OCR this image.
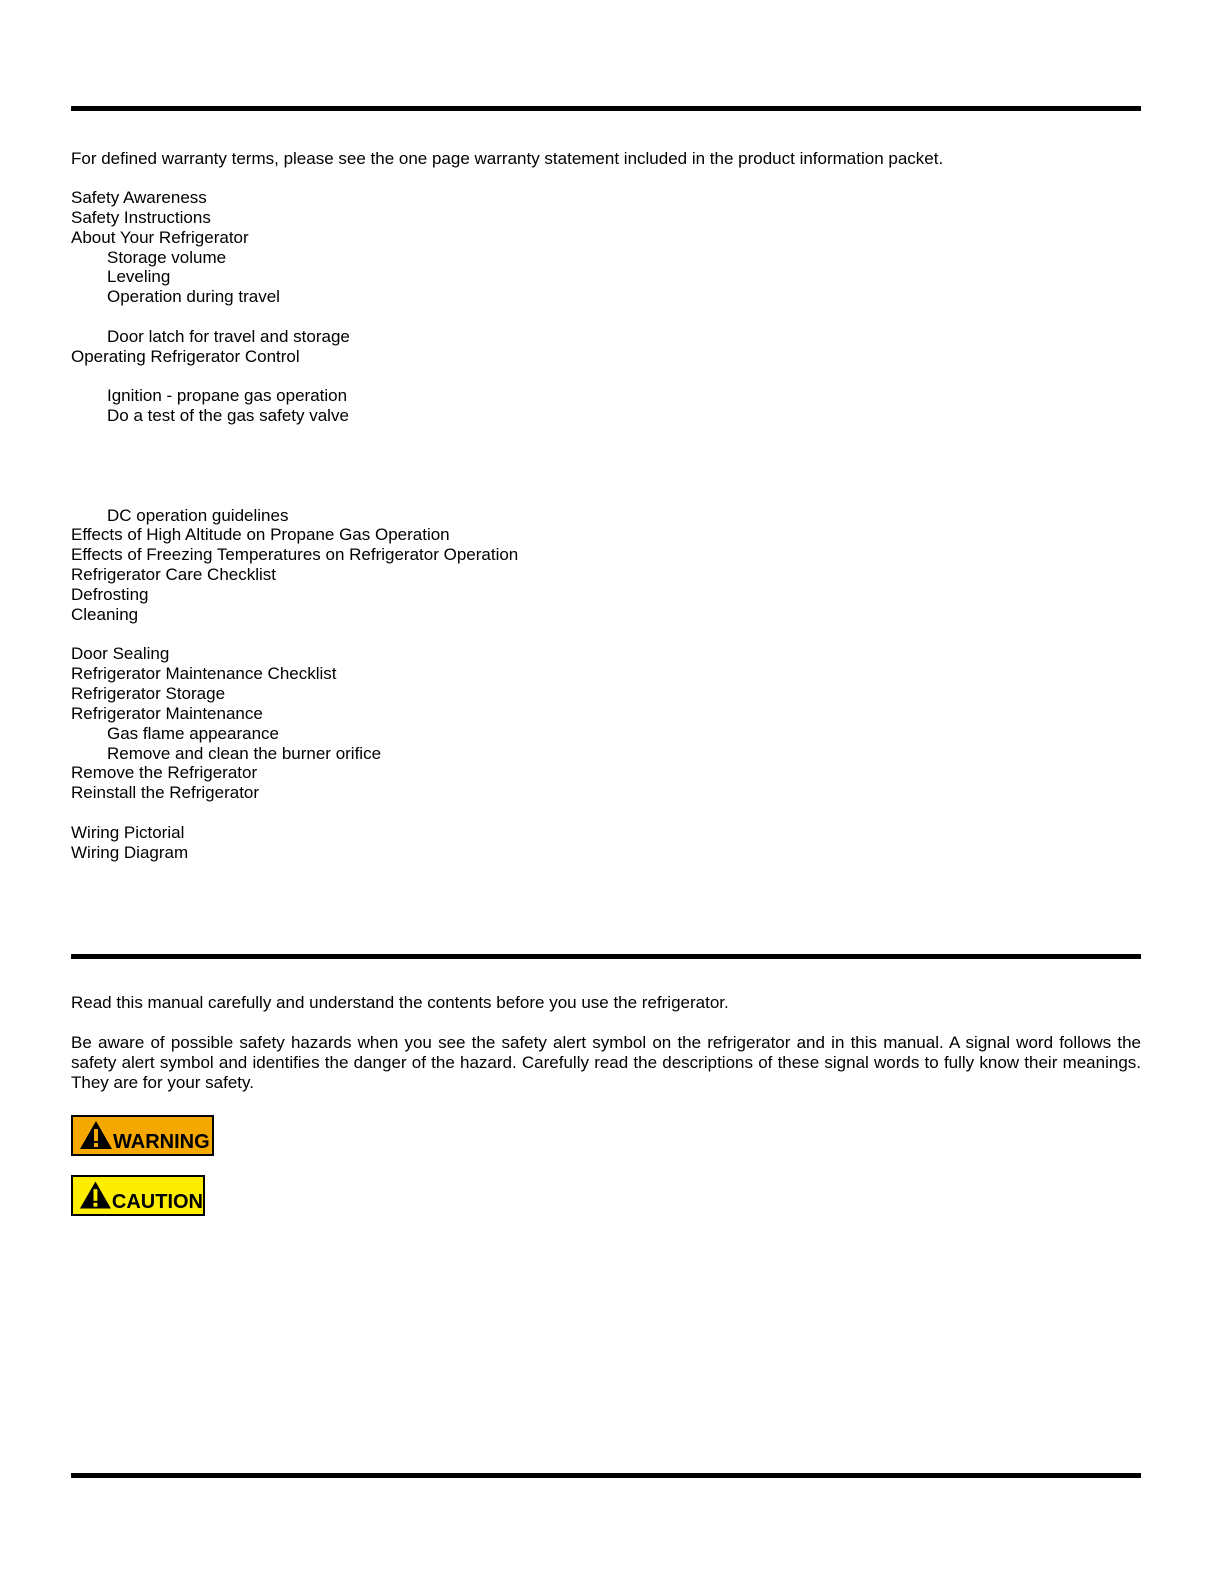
For defined warranty terms, please see the one page warranty statement included in the product information packet.

Safety Awareness
Safety Instructions
About Your Refrigerator
Storage volume
Leveling
Operation during travel
Door latch for travel and storage
Operating Refrigerator Control
Ignition - propane gas operation
Do a test of the gas safety valve
DC operation guidelines
Effects of High Altitude on Propane Gas Operation
Effects of Freezing Temperatures on Refrigerator Operation
Refrigerator Care Checklist
Defrosting
Cleaning
Door Sealing
Refrigerator Maintenance Checklist
Refrigerator Storage
Refrigerator Maintenance
Gas flame appearance
Remove and clean the burner orifice
Remove the Refrigerator
Reinstall the Refrigerator
Wiring Pictorial
Wiring Diagram

Read this manual carefully and understand the contents before you use the refrigerator.

Be aware of possible safety hazards when you see the safety alert symbol on the refrigerator and in this manual. A signal word follows the safety alert symbol and identifies the danger of the hazard. Carefully read the descriptions of these signal words to fully know their meanings. They are for your safety.

WARNING
CAUTION
